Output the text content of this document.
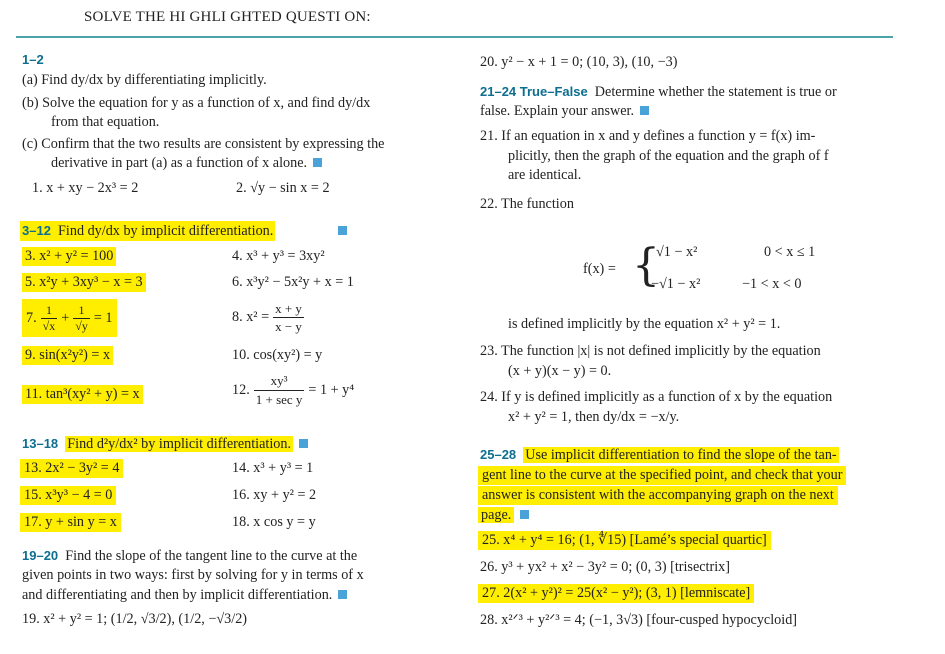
SOLVE THE HI GHLI GHTED QUESTI ON:
1–2
(a) Find dy/dx by differentiating implicitly.
(b) Solve the equation for y as a function of x, and find dy/dx
from that equation.
(c) Confirm that the two results are consistent by expressing the
derivative in part (a) as a function of x alone.
1. x + xy − 2x³ = 2	2. √y − sin x = 2
3–12 Find dy/dx by implicit differentiation.
3. x² + y² = 100	4. x³ + y³ = 3xy²
5. x²y + 3xy³ − x = 3	6. x³y² − 5x²y + x = 1
7. $\frac{1}{√x} + \frac{1}{√y} = 1$	8. $x^2 = \frac{x + y}{x - y}$
9. sin(x²y²) = x	10. cos(xy²) = y
11. tan³(xy² + y) = x	12. $\frac{\text{xy³}}{\text{1 + sec y}} = 1 + y^4$
13–18 Find d²y/dx² by implicit differentiation.
13. 2x² − 3y² = 4	14. x³ + y³ = 1
15. x³y³ − 4 = 0	16. xy + y² = 2
17. y + sin y = x	18. x cos y = y
19–20 Find the slope of the tangent line to the curve at the
given points in two ways: first by solving for y in terms of x
and differentiating and then by implicit differentiation.
19. x² + y² = 1; (1/2, √3/2), (1/2, −√3/2)
20. y² − x + 1 = 0; (10, 3), (10, −3)
21–24 True–False Determine whether the statement is true or
false. Explain your answer.
21. If an equation in x and y defines a function y = f(x) im-
plicitly, then the graph of the equation and the graph of f
are identical.
22. The function
f(x) = {
√1 − x²	0 < x ≤ 1
−√1 − x²	−1 < x < 0
is defined implicitly by the equation x² + y² = 1.
23. The function |x| is not defined implicitly by the equation
(x + y)(x − y) = 0.
24. If y is defined implicitly as a function of x by the equation
x² + y² = 1, then dy/dx = −x/y.
25–28 Use implicit differentiation to find the slope of the tan-
gent line to the curve at the specified point, and check that your
answer is consistent with the accompanying graph on the next
page.
25. x⁴ + y⁴ = 16; (1, ∜15) [Lamé’s special quartic]
26. y³ + yx² + x² − 3y² = 0; (0, 3) [trisectrix]
27. 2(x² + y²)² = 25(x² − y²); (3, 1) [lemniscate]
28. x²ᐟ³ + y²ᐟ³ = 4; (−1, 3√3) [four-cusped hypocycloid]
